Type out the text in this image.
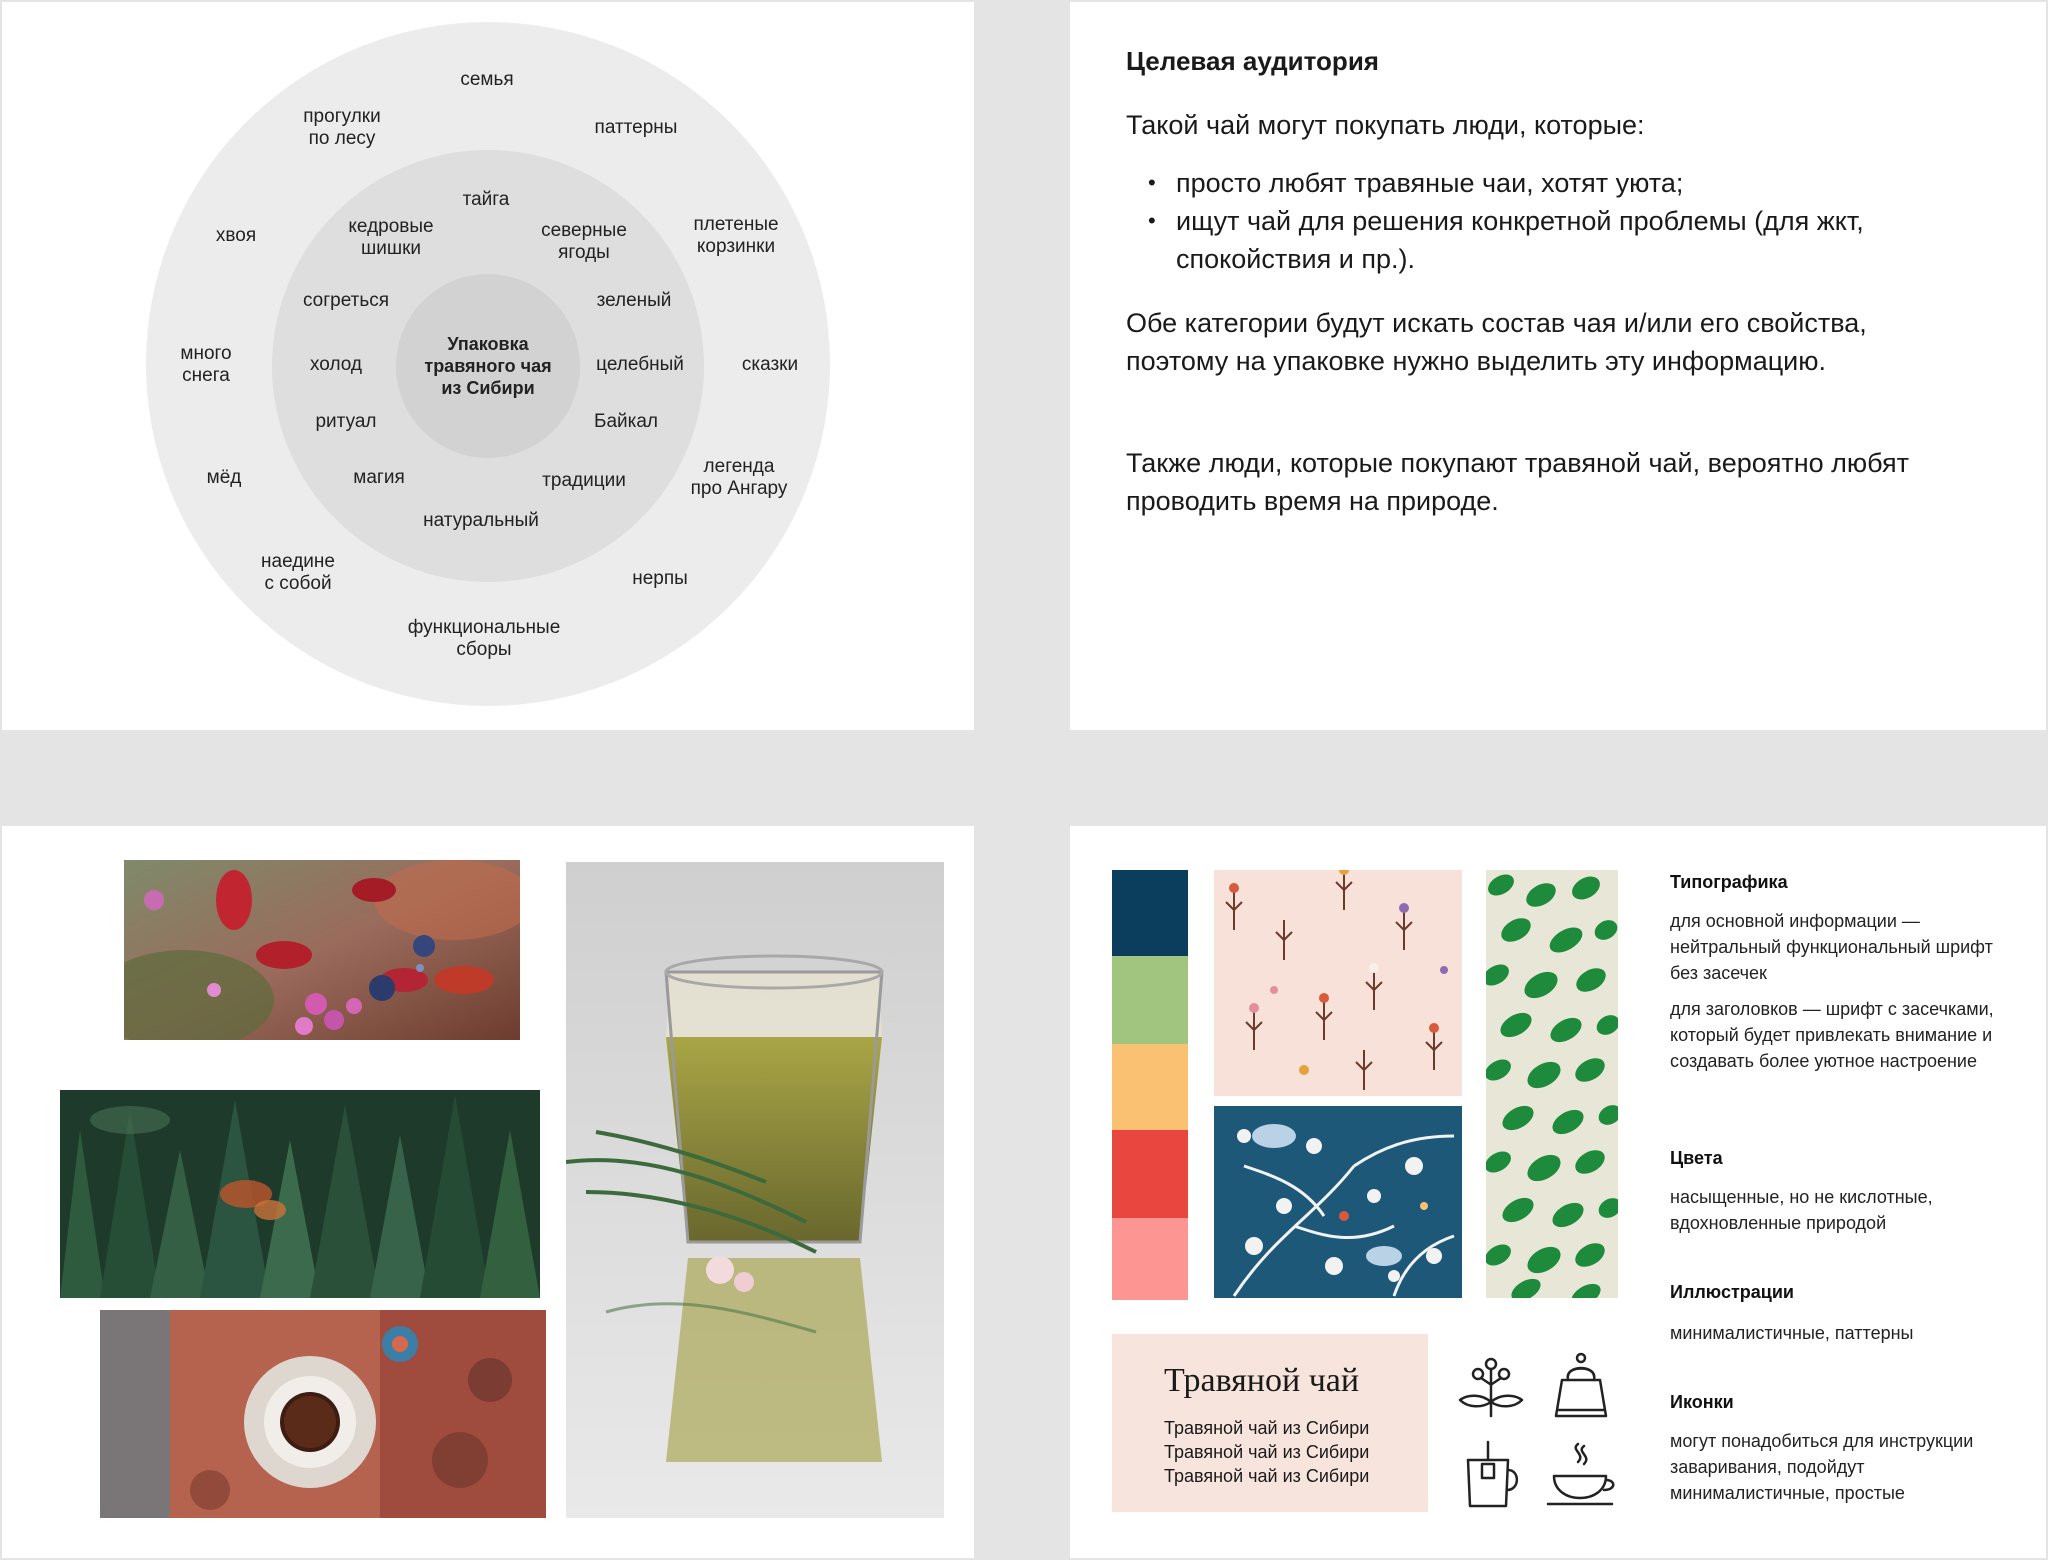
Упаковка
травяного чая
из Сибири
тайга
кедровые
шишки
северные
ягоды
согреться	зеленый
холод	целебный
ритуал	Байкал
магия	традиции
натуральный
семья
прогулки
по лесу
паттерны
хвоя
плетеные
корзинки
много
снега
сказки
мёд
легенда
про Ангару
наедине
с собой	нерпы
функциональные
сборы
Целевая аудитория
Такой чай могут покупать люди, которые:
• просто любят травяные чаи, хотят уюта;
• ищут чай для решения конкретной проблемы (для жкт, спокойствия и пр.).
Обе категории будут искать состав чая и/или его свойства, поэтому на упаковке нужно выделить эту информацию.
Также люди, которые покупают травяной чай, вероятно любят проводить время на природе.
Травяной чай
Травяной чай из Сибири
Травяной чай из Сибири
Травяной чай из Сибири
Типографика
для основной информации — нейтральный функциональный шрифт без засечек
для заголовков — шрифт с засечками, который будет привлекать внимание и создавать более уютное настроение
Цвета
насыщенные, но не кислотные, вдохновленные природой
Иллюстрации
минималистичные, паттерны
Иконки
могут понадобиться для инструкции заваривания, подойдут минималистичные, простые
